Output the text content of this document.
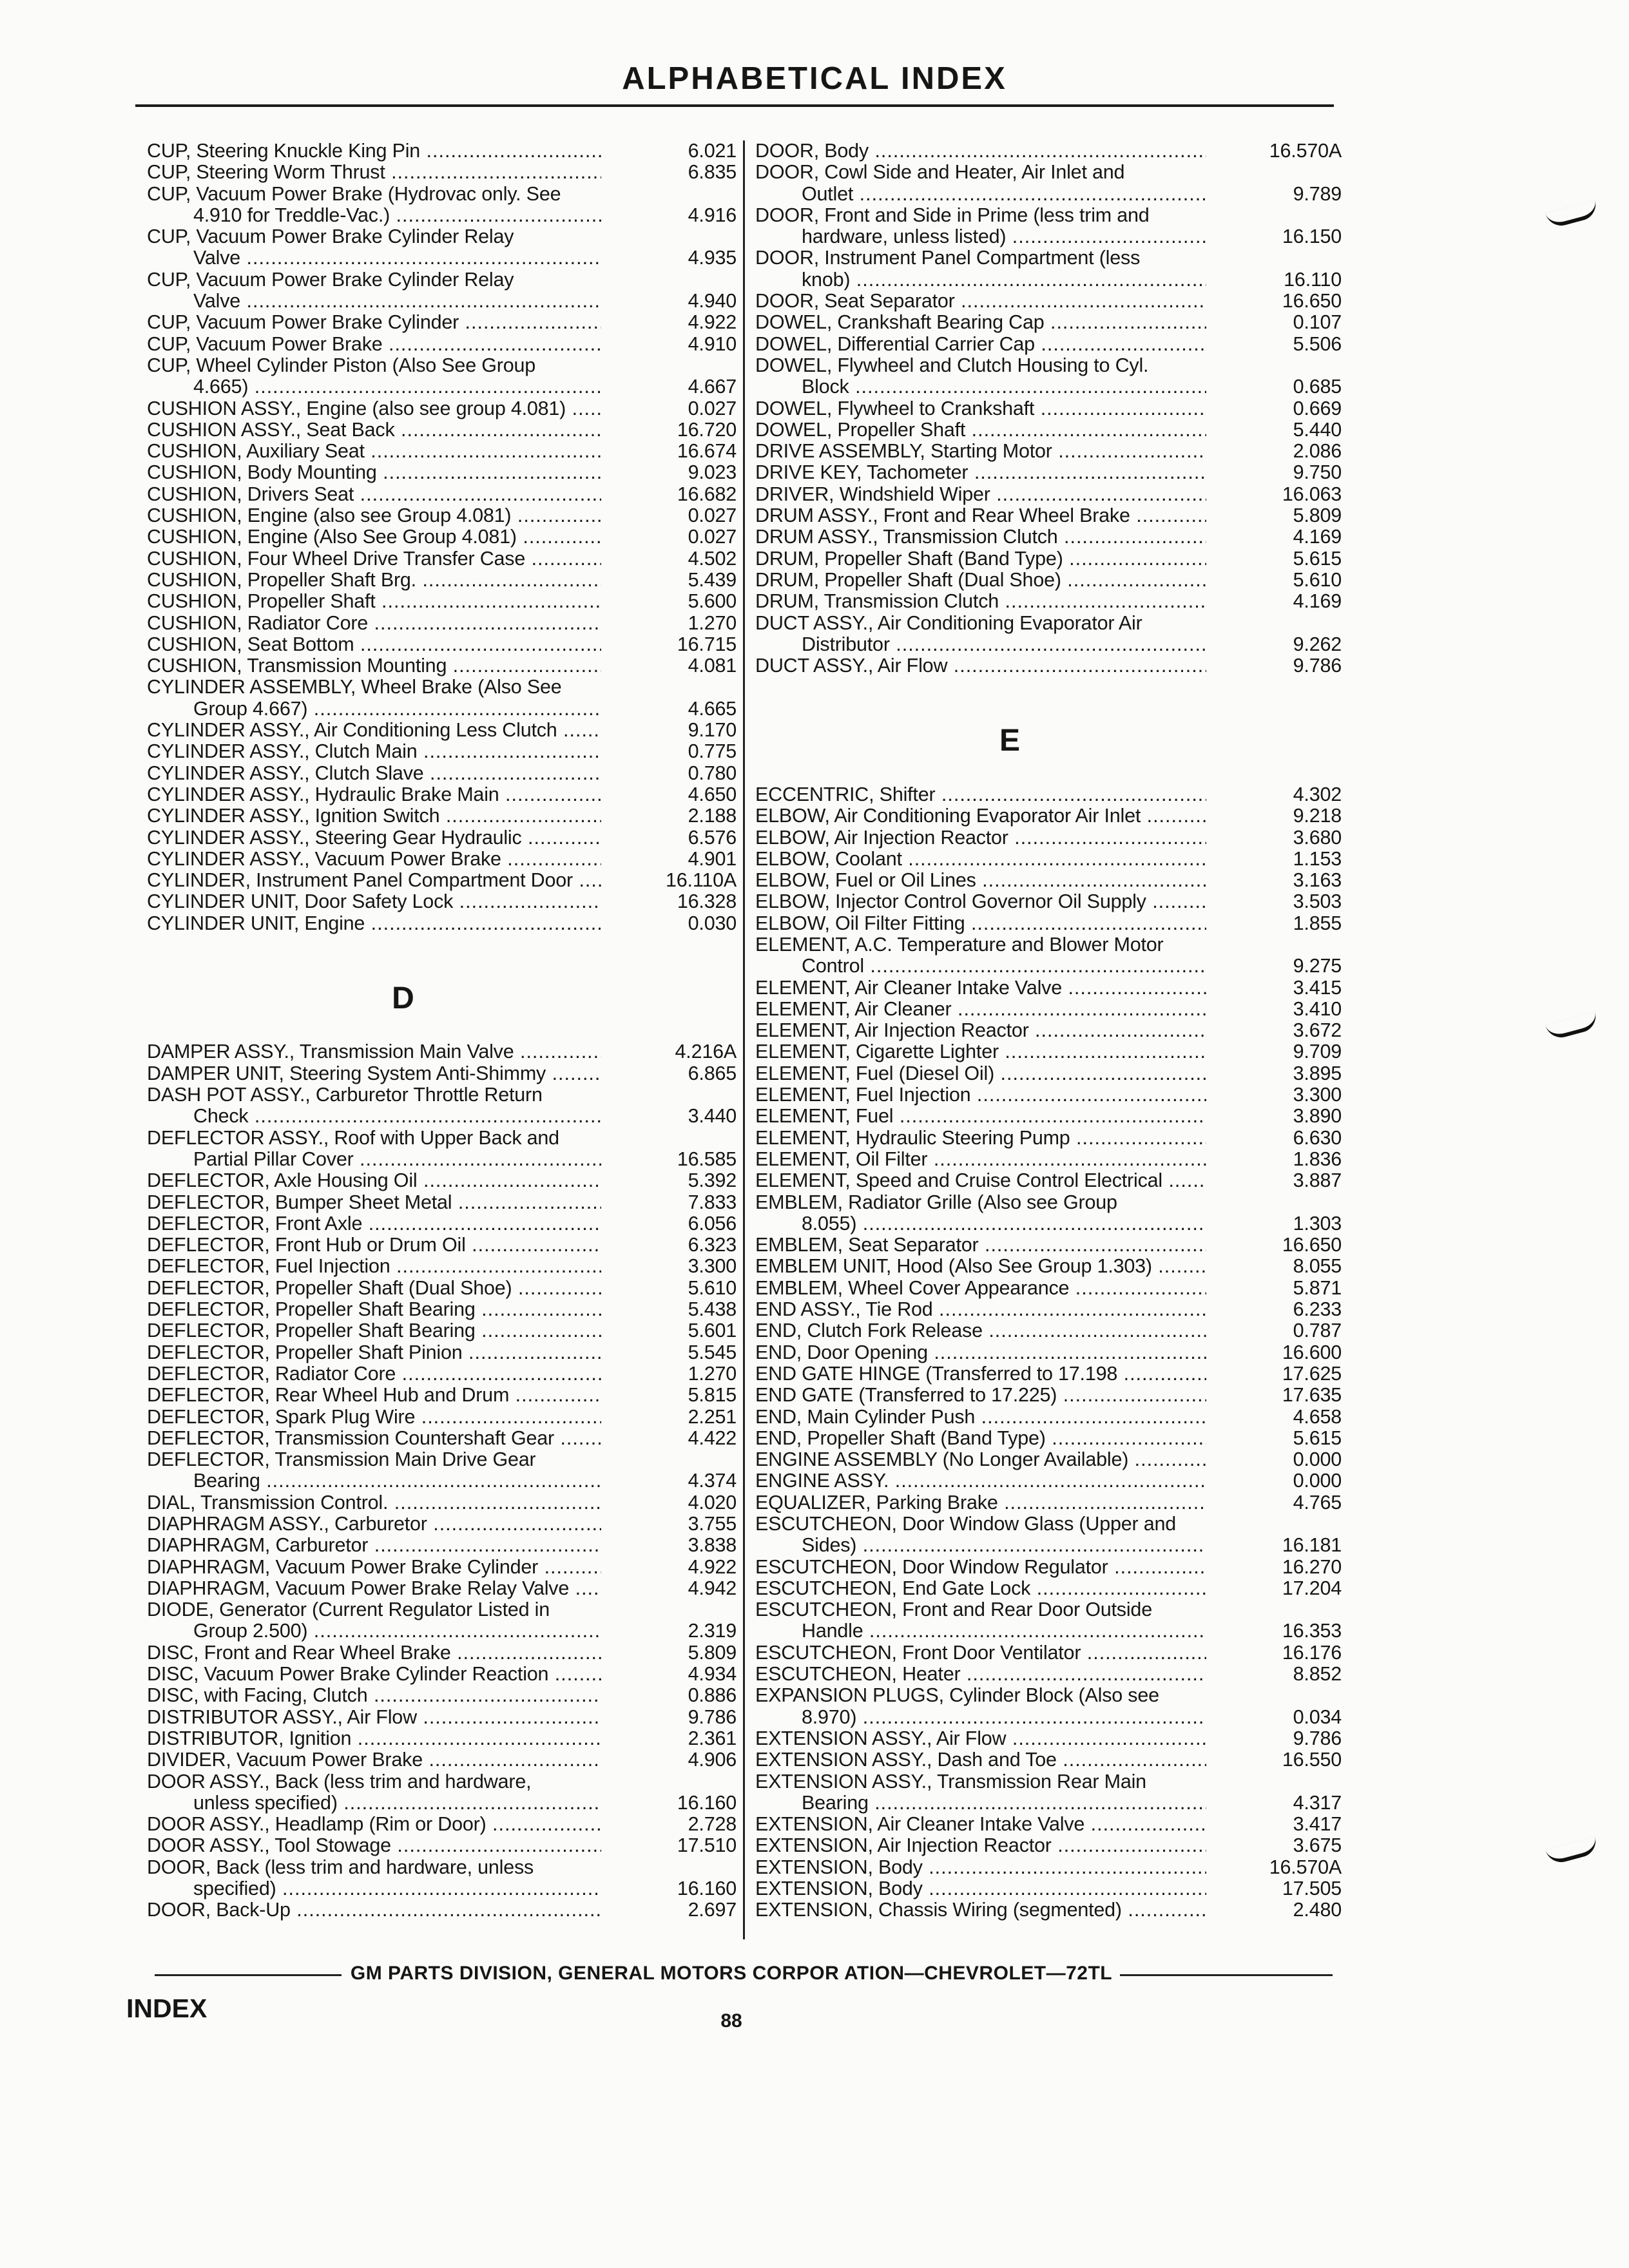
ALPHABETICAL INDEX
CUP, Steering Knuckle King Pin .....	6.021
CUP, Steering Worm Thrust .....	6.835
CUP, Vacuum Power Brake (Hydrovac only. See
4.910 for Treddle-Vac.) .....	4.916
CUP, Vacuum Power Brake Cylinder Relay
Valve .....	4.935
CUP, Vacuum Power Brake Cylinder Relay
Valve .....	4.940
CUP, Vacuum Power Brake Cylinder .....	4.922
CUP, Vacuum Power Brake .....	4.910
CUP, Wheel Cylinder Piston (Also See Group
4.665) .....	4.667
CUSHION ASSY., Engine (also see group 4.081) .....	0.027
CUSHION ASSY., Seat Back .....	16.720
CUSHION, Auxiliary Seat .....	16.674
CUSHION, Body Mounting .....	9.023
CUSHION, Drivers Seat .....	16.682
CUSHION, Engine (also see Group 4.081) .....	0.027
CUSHION, Engine (Also See Group 4.081) .....	0.027
CUSHION, Four Wheel Drive Transfer Case .....	4.502
CUSHION, Propeller Shaft Brg. .....	5.439
CUSHION, Propeller Shaft .....	5.600
CUSHION, Radiator Core .....	1.270
CUSHION, Seat Bottom .....	16.715
CUSHION, Transmission Mounting .....	4.081
CYLINDER ASSEMBLY, Wheel Brake (Also See
Group 4.667) .....	4.665
CYLINDER ASSY., Air Conditioning Less Clutch .....	9.170
CYLINDER ASSY., Clutch Main .....	0.775
CYLINDER ASSY., Clutch Slave .....	0.780
CYLINDER ASSY., Hydraulic Brake Main .....	4.650
CYLINDER ASSY., Ignition Switch .....	2.188
CYLINDER ASSY., Steering Gear Hydraulic .....	6.576
CYLINDER ASSY., Vacuum Power Brake .....	4.901
CYLINDER, Instrument Panel Compartment Door .....	16.110A
CYLINDER UNIT, Door Safety Lock .....	16.328
CYLINDER UNIT, Engine .....	0.030
D
DAMPER ASSY., Transmission Main Valve .....	4.216A
DAMPER UNIT, Steering System Anti-Shimmy .....	6.865
DASH POT ASSY., Carburetor Throttle Return
Check .....	3.440
DEFLECTOR ASSY., Roof with Upper Back and
Partial Pillar Cover .....	16.585
DEFLECTOR, Axle Housing Oil .....	5.392
DEFLECTOR, Bumper Sheet Metal .....	7.833
DEFLECTOR, Front Axle .....	6.056
DEFLECTOR, Front Hub or Drum Oil .....	6.323
DEFLECTOR, Fuel Injection .....	3.300
DEFLECTOR, Propeller Shaft (Dual Shoe) .....	5.610
DEFLECTOR, Propeller Shaft Bearing .....	5.438
DEFLECTOR, Propeller Shaft Bearing .....	5.601
DEFLECTOR, Propeller Shaft Pinion .....	5.545
DEFLECTOR, Radiator Core .....	1.270
DEFLECTOR, Rear Wheel Hub and Drum .....	5.815
DEFLECTOR, Spark Plug Wire .....	2.251
DEFLECTOR, Transmission Countershaft Gear .....	4.422
DEFLECTOR, Transmission Main Drive Gear
Bearing .....	4.374
DIAL, Transmission Control. .....	4.020
DIAPHRAGM ASSY., Carburetor .....	3.755
DIAPHRAGM, Carburetor .....	3.838
DIAPHRAGM, Vacuum Power Brake Cylinder .....	4.922
DIAPHRAGM, Vacuum Power Brake Relay Valve .....	4.942
DIODE, Generator (Current Regulator Listed in
Group 2.500) .....	2.319
DISC, Front and Rear Wheel Brake .....	5.809
DISC, Vacuum Power Brake Cylinder Reaction .....	4.934
DISC, with Facing, Clutch .....	0.886
DISTRIBUTOR ASSY., Air Flow .....	9.786
DISTRIBUTOR, Ignition .....	2.361
DIVIDER, Vacuum Power Brake .....	4.906
DOOR ASSY., Back (less trim and hardware,
unless specified) .....	16.160
DOOR ASSY., Headlamp (Rim or Door) .....	2.728
DOOR ASSY., Tool Stowage .....	17.510
DOOR, Back (less trim and hardware, unless
specified) .....	16.160
DOOR, Back-Up .....	2.697
DOOR, Body .....	16.570A
DOOR, Cowl Side and Heater, Air Inlet and
Outlet .....	9.789
DOOR, Front and Side in Prime (less trim and
hardware, unless listed) .....	16.150
DOOR, Instrument Panel Compartment (less
knob) .....	16.110
DOOR, Seat Separator .....	16.650
DOWEL, Crankshaft Bearing Cap .....	0.107
DOWEL, Differential Carrier Cap .....	5.506
DOWEL, Flywheel and Clutch Housing to Cyl.
Block .....	0.685
DOWEL, Flywheel to Crankshaft .....	0.669
DOWEL, Propeller Shaft .....	5.440
DRIVE ASSEMBLY, Starting Motor .....	2.086
DRIVE KEY, Tachometer .....	9.750
DRIVER, Windshield Wiper .....	16.063
DRUM ASSY., Front and Rear Wheel Brake .....	5.809
DRUM ASSY., Transmission Clutch .....	4.169
DRUM, Propeller Shaft (Band Type) .....	5.615
DRUM, Propeller Shaft (Dual Shoe) .....	5.610
DRUM, Transmission Clutch .....	4.169
DUCT ASSY., Air Conditioning Evaporator Air
Distributor .....	9.262
DUCT ASSY., Air Flow .....	9.786
E
ECCENTRIC, Shifter .....	4.302
ELBOW, Air Conditioning Evaporator Air Inlet .....	9.218
ELBOW, Air Injection Reactor .....	3.680
ELBOW, Coolant .....	1.153
ELBOW, Fuel or Oil Lines .....	3.163
ELBOW, Injector Control Governor Oil Supply .....	3.503
ELBOW, Oil Filter Fitting .....	1.855
ELEMENT, A.C. Temperature and Blower Motor
Control .....	9.275
ELEMENT, Air Cleaner Intake Valve .....	3.415
ELEMENT, Air Cleaner .....	3.410
ELEMENT, Air Injection Reactor .....	3.672
ELEMENT, Cigarette Lighter .....	9.709
ELEMENT, Fuel (Diesel Oil) .....	3.895
ELEMENT, Fuel Injection .....	3.300
ELEMENT, Fuel .....	3.890
ELEMENT, Hydraulic Steering Pump .....	6.630
ELEMENT, Oil Filter .....	1.836
ELEMENT, Speed and Cruise Control Electrical .....	3.887
EMBLEM, Radiator Grille (Also see Group
8.055) .....	1.303
EMBLEM, Seat Separator .....	16.650
EMBLEM UNIT, Hood (Also See Group 1.303) .....	8.055
EMBLEM, Wheel Cover Appearance .....	5.871
END ASSY., Tie Rod .....	6.233
END, Clutch Fork Release .....	0.787
END, Door Opening .....	16.600
END GATE HINGE (Transferred to 17.198 .....	17.625
END GATE (Transferred to 17.225) .....	17.635
END, Main Cylinder Push .....	4.658
END, Propeller Shaft (Band Type) .....	5.615
ENGINE ASSEMBLY (No Longer Available) .....	0.000
ENGINE ASSY. .....	0.000
EQUALIZER, Parking Brake .....	4.765
ESCUTCHEON, Door Window Glass (Upper and
Sides) .....	16.181
ESCUTCHEON, Door Window Regulator .....	16.270
ESCUTCHEON, End Gate Lock .....	17.204
ESCUTCHEON, Front and Rear Door Outside
Handle .....	16.353
ESCUTCHEON, Front Door Ventilator .....	16.176
ESCUTCHEON, Heater .....	8.852
EXPANSION PLUGS, Cylinder Block (Also see
8.970) .....	0.034
EXTENSION ASSY., Air Flow .....	9.786
EXTENSION ASSY., Dash and Toe .....	16.550
EXTENSION ASSY., Transmission Rear Main
Bearing .....	4.317
EXTENSION, Air Cleaner Intake Valve .....	3.417
EXTENSION, Air Injection Reactor .....	3.675
EXTENSION, Body .....	16.570A
EXTENSION, Body .....	17.505
EXTENSION, Chassis Wiring (segmented) .....	2.480
GM PARTS DIVISION, GENERAL MOTORS CORPOR ATION—CHEVROLET—72TL
INDEX	88
